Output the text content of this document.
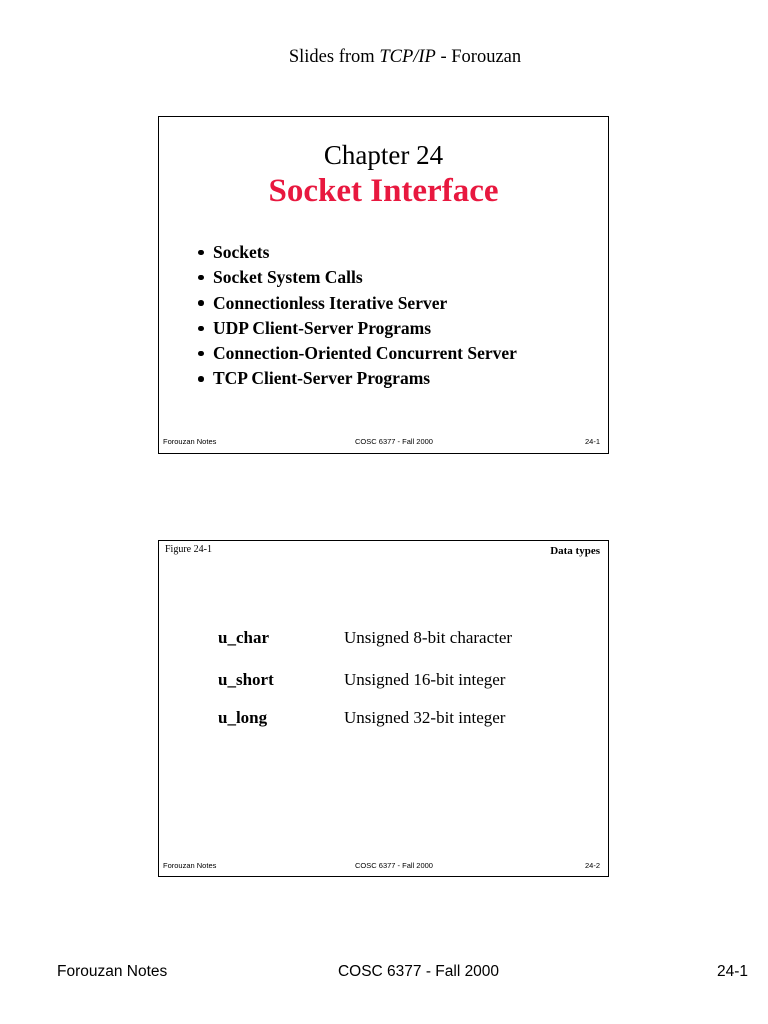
Slides from TCP/IP - Forouzan
Chapter 24
Socket Interface
Sockets
Socket System Calls
Connectionless Iterative Server
UDP Client-Server Programs
Connection-Oriented Concurrent Server
TCP Client-Server Programs
Forouzan Notes	COSC 6377 - Fall 2000	24-1
Figure 24-1	Data types
u_char	Unsigned 8-bit character
u_short	Unsigned 16-bit integer
u_long	Unsigned 32-bit integer
Forouzan Notes	COSC 6377 - Fall 2000	24-2
Forouzan Notes	COSC 6377 - Fall 2000	24-1
